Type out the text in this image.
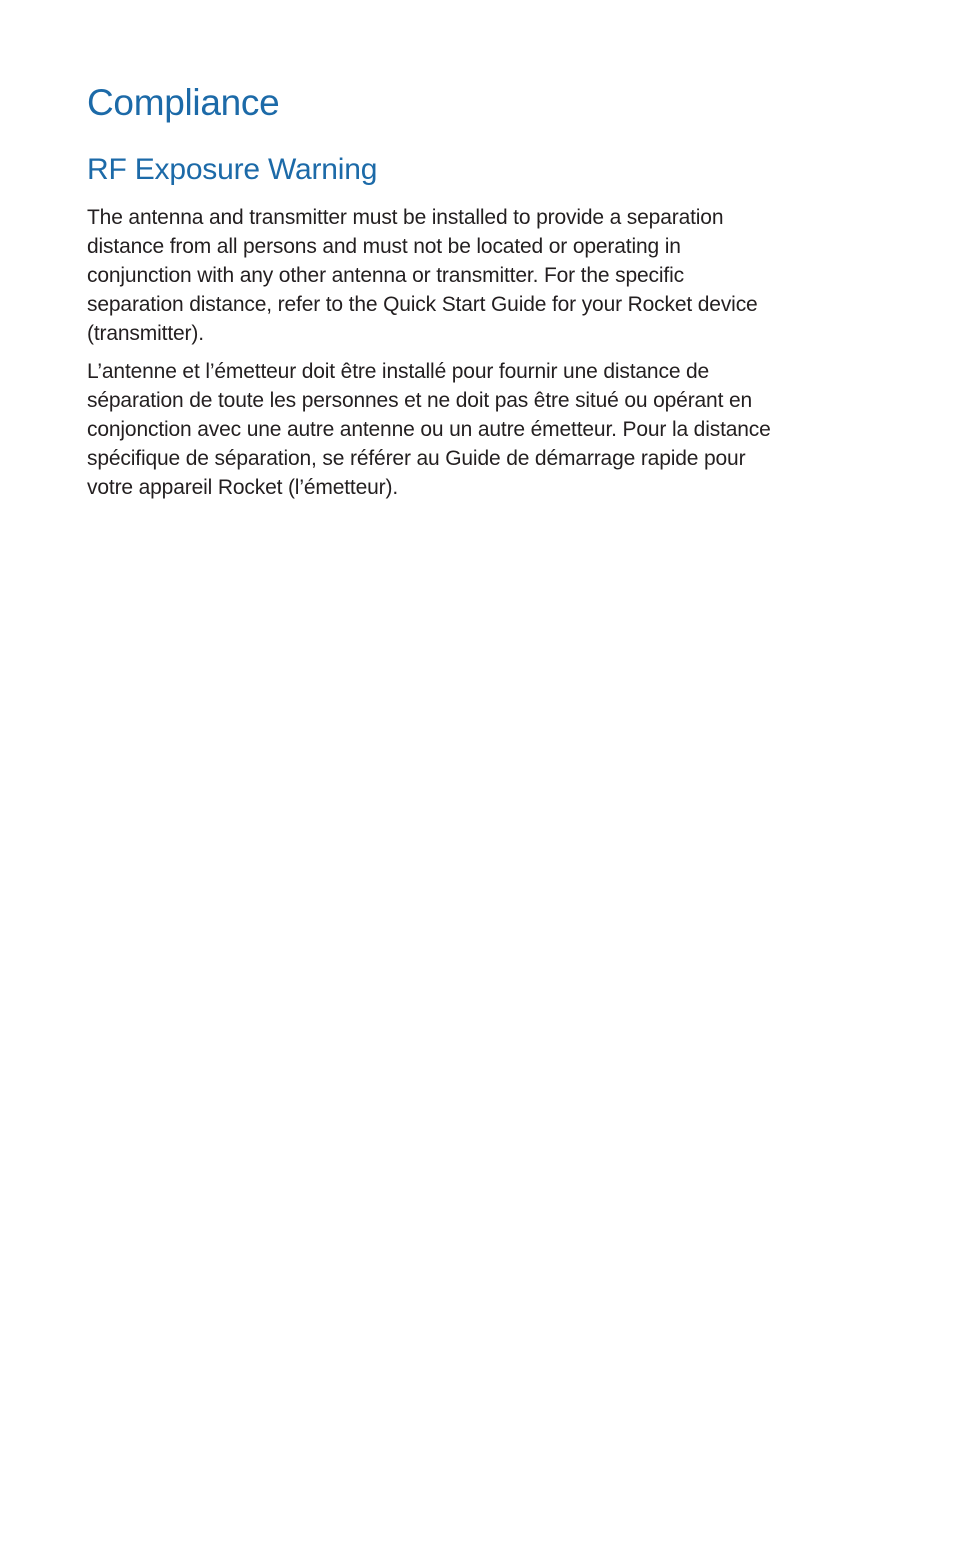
Compliance
RF Exposure Warning

The antenna and transmitter must be installed to provide a separation
distance from all persons and must not be located or operating in
conjunction with any other antenna or transmitter. For the specific
separation distance, refer to the Quick Start Guide for your Rocket device
(transmitter).

L’antenne et l’émetteur doit être installé pour fournir une distance de
séparation de toute les personnes et ne doit pas être situé ou opérant en
conjonction avec une autre antenne ou un autre émetteur. Pour la distance
spécifique de séparation, se référer au Guide de démarrage rapide pour
votre appareil Rocket (l’émetteur).
